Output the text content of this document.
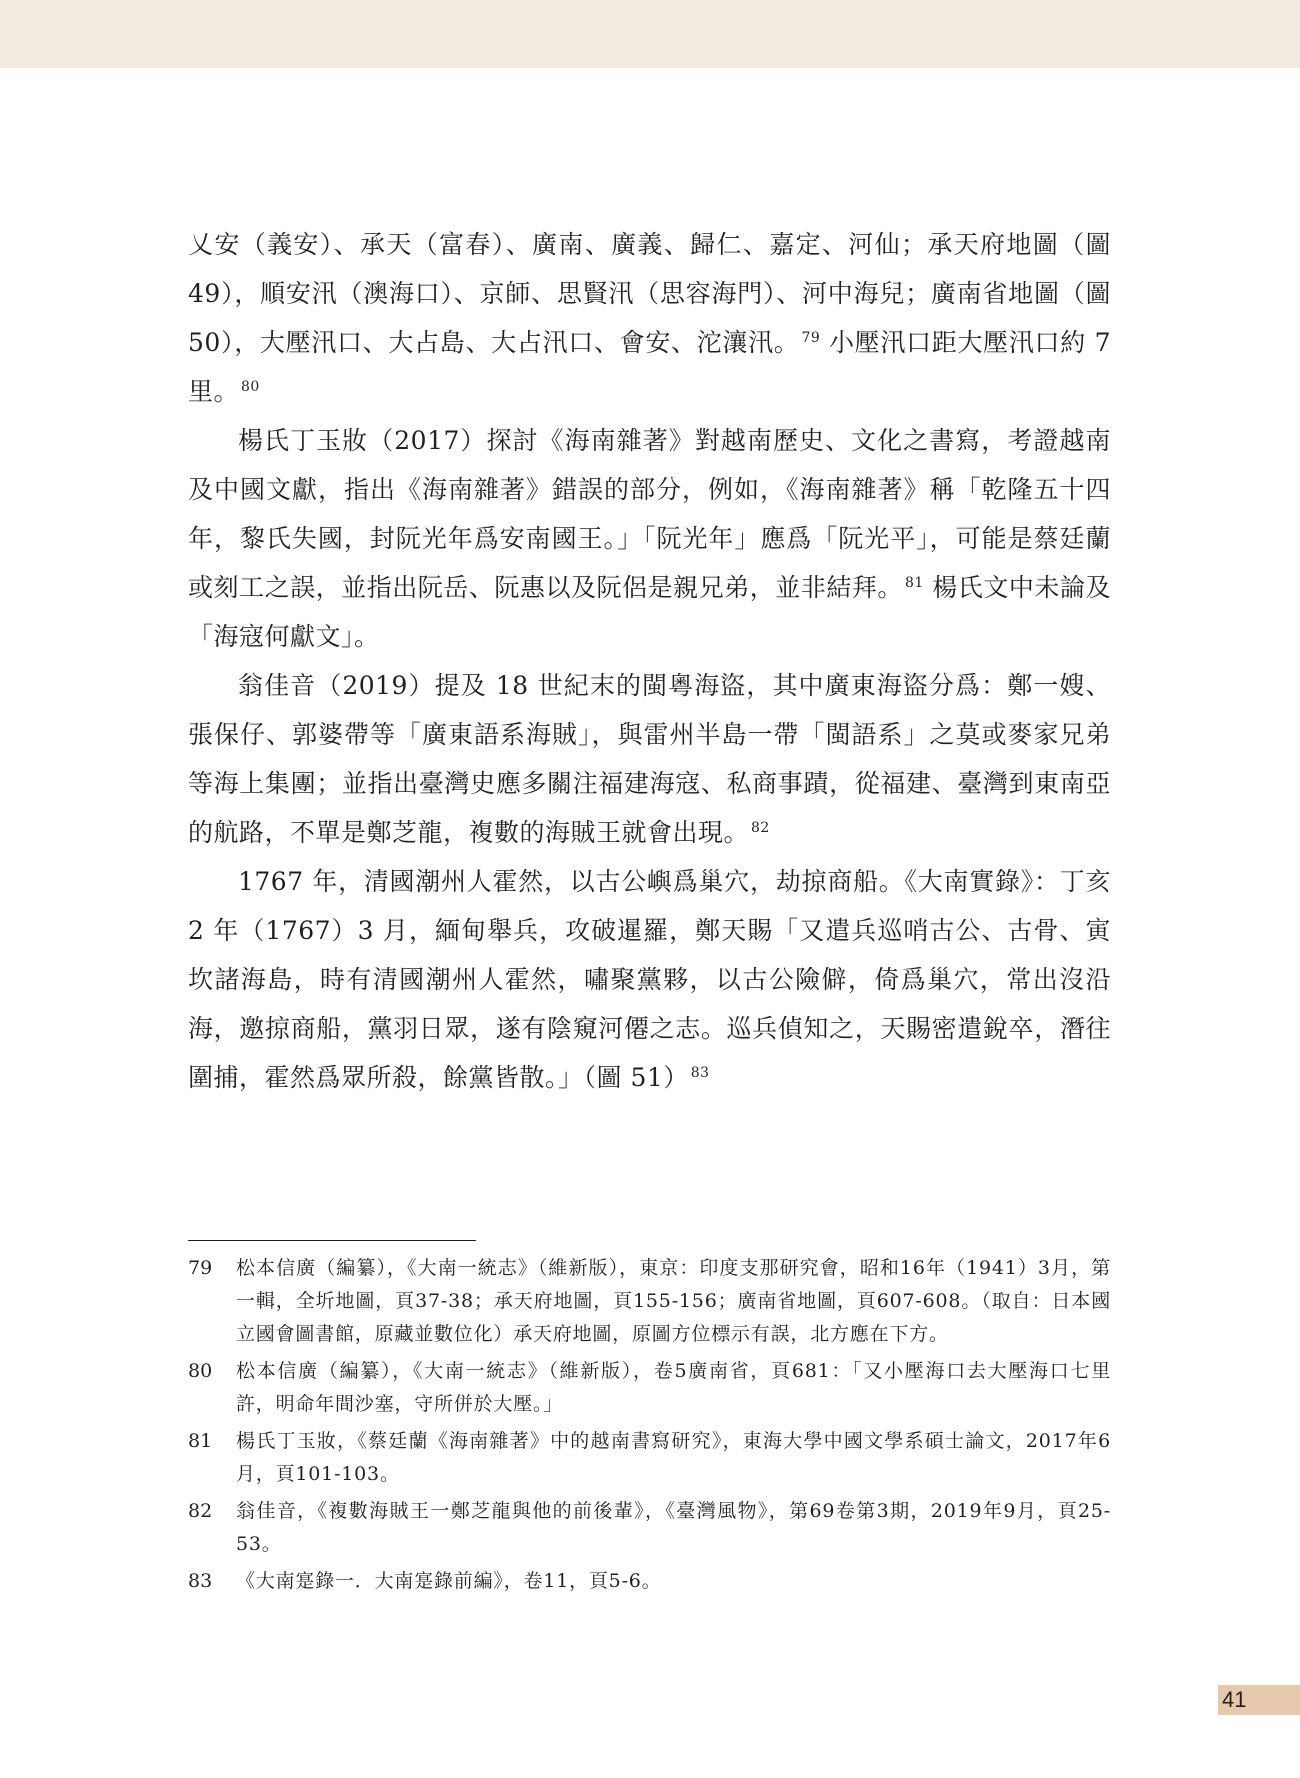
乂安（義安）、承天（富春）、廣南、廣義、歸仁、嘉定、河仙；承天府地圖（圖 49），順安汛（澳海口）、京師、思賢汛（思容海門）、河中海兒；廣南省地圖（圖 50），大壓汛口、大占島、大占汛口、會安、沱瀼汛。 $^{79}$ 小壓汛口距大壓汛口約 7 里。 $^{80}$

楊氏丁玉妝（2017）探討《海南雜著》對越南歷史、文化之書寫，考證越南及中國文獻，指出《海南雜著》錯誤的部分，例如，《海南雜著》稱「乾隆五十四年，黎氏失國，封阮光年爲安南國王。」「阮光年」應爲「阮光平」，可能是蔡廷蘭或刻工之誤，並指出阮岳、阮惠以及阮侶是親兄弟，並非結拜。 $^{81}$ 楊氏文中未論及「海寇何獻文」。

翁佳音（2019）提及 18 世紀末的閩粵海盜，其中廣東海盜分爲：鄭一嫂、張保仔、郭婆帶等「廣東語系海賊」，與雷州半島一帶「閩語系」之莫或麥家兄弟等海上集團；並指出臺灣史應多關注福建海寇、私商事蹟，從福建、臺灣到東南亞的航路，不單是鄭芝龍，複數的海賊王就會出現。 $^{82}$

1767 年，清國潮州人霍然，以古公嶼爲巢穴，劫掠商船。《大南實錄》：丁亥 2 年（1767）3 月，緬甸舉兵，攻破暹羅，鄭天賜「又遣兵巡哨古公、古骨、寅坎諸海島，時有清國潮州人霍然，嘯聚黨夥，以古公險僻，倚爲巢穴，常出沒沿海，邀掠商船，黨羽日眾，遂有陰窺河僊之志。巡兵偵知之，天賜密遣銳卒，潛往圍捕，霍然爲眾所殺，餘黨皆散。」（圖 51） $^{83}$

79	松本信廣（編纂），《大南一統志》（維新版），東京：印度支那研究會，昭和16年（1941）3月，第一輯，全圻地圖，頁37-38；承天府地圖，頁155-156；廣南省地圖，頁607-608。（取自：日本國立國會圖書館，原藏並數位化）承天府地圖，原圖方位標示有誤，北方應在下方。
80	松本信廣（編纂），《大南一統志》（維新版），卷5廣南省，頁681：「又小壓海口去大壓海口七里許，明命年間沙塞，守所併於大壓。」
81	楊氏丁玉妝，《蔡廷蘭《海南雜著》中的越南書寫研究》，東海大學中國文學系碩士論文，2017年6月，頁101-103。
82	翁佳音，《複數海賊王一鄭芝龍與他的前後輩》，《臺灣風物》，第69卷第3期，2019年9月，頁25-53。
83	《大南寔錄一．大南寔錄前編》，卷11，頁5-6。
41
